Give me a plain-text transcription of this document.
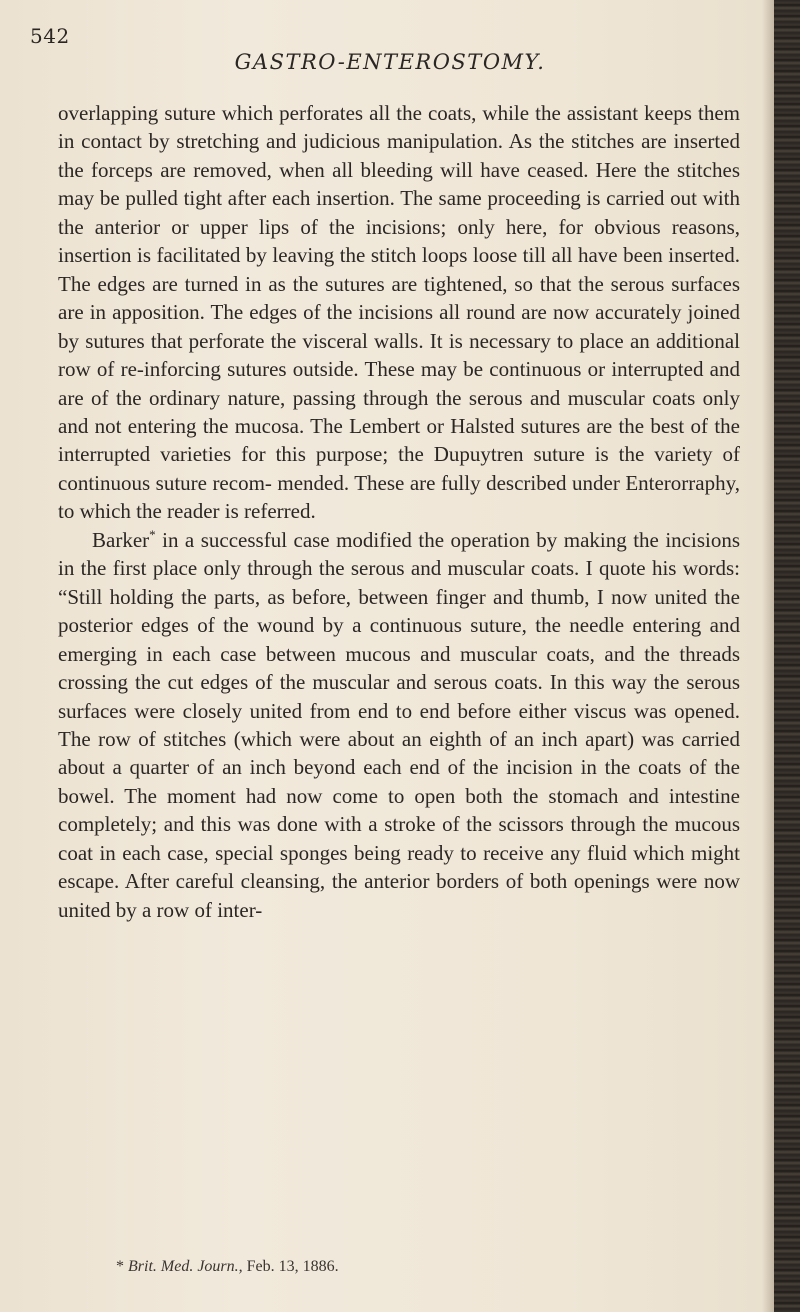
542
GASTRO-ENTEROSTOMY.

overlapping suture which perforates all the coats, while the assistant keeps them in contact by stretching and judicious manipulation. As the stitches are inserted the forceps are removed, when all bleeding will have ceased. Here the stitches may be pulled tight after each insertion. The same proceeding is carried out with the anterior or upper lips of the incisions; only here, for obvious reasons, insertion is facilitated by leaving the stitch loops loose till all have been inserted. The edges are turned in as the sutures are tightened, so that the serous surfaces are in apposition. The edges of the incisions all round are now accurately joined by sutures that perforate the visceral walls. It is necessary to place an additional row of re-inforcing sutures outside. These may be continuous or interrupted and are of the ordinary nature, passing through the serous and muscular coats only and not entering the mucosa. The Lembert or Halsted sutures are the best of the interrupted varieties for this purpose; the Dupuytren suture is the variety of continuous suture recom- mended. These are fully described under Enterorraphy, to which the reader is referred.

Barker* in a successful case modified the operation by making the incisions in the first place only through the serous and muscular coats. I quote his words: “Still holding the parts, as before, between finger and thumb, I now united the posterior edges of the wound by a continuous suture, the needle entering and emerging in each case between mucous and muscular coats, and the threads crossing the cut edges of the muscular and serous coats. In this way the serous surfaces were closely united from end to end before either viscus was opened. The row of stitches (which were about an eighth of an inch apart) was carried about a quarter of an inch beyond each end of the incision in the coats of the bowel. The moment had now come to open both the stomach and intestine completely; and this was done with a stroke of the scissors through the mucous coat in each case, special sponges being ready to receive any fluid which might escape. After careful cleansing, the anterior borders of both openings were now united by a row of inter-

* Brit. Med. Journ., Feb. 13, 1886.
